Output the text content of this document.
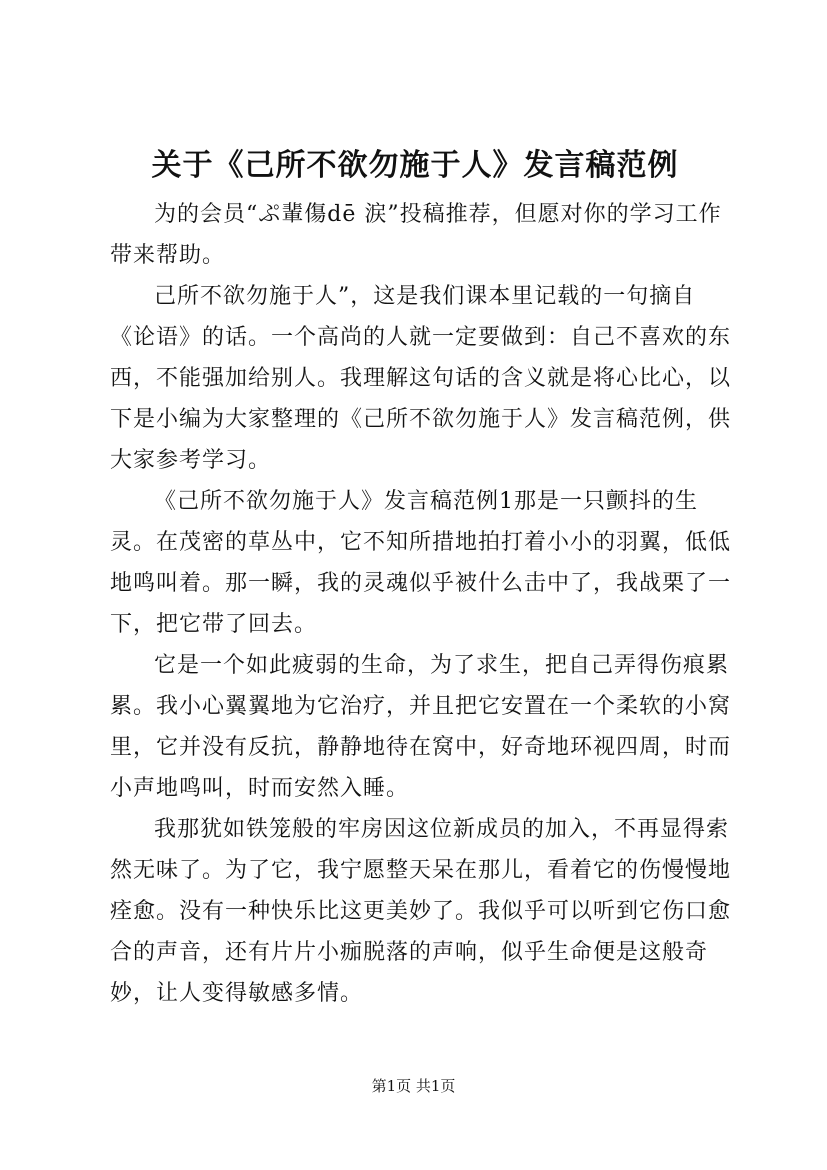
关于《己所不欲勿施于人》发言稿范例

为的会员“ぷ輩傷dē 涙”投稿推荐，但愿对你的学习工作带来帮助。

己所不欲勿施于人”，这是我们课本里记载的一句摘自《论语》的话。一个高尚的人就一定要做到：自己不喜欢的东西，不能强加给别人。我理解这句话的含义就是将心比心，以下是小编为大家整理的《己所不欲勿施于人》发言稿范例，供大家参考学习。

《己所不欲勿施于人》发言稿范例1那是一只颤抖的生灵。在茂密的草丛中，它不知所措地拍打着小小的羽翼，低低地鸣叫着。那一瞬，我的灵魂似乎被什么击中了，我战栗了一下，把它带了回去。

它是一个如此疲弱的生命，为了求生，把自己弄得伤痕累累。我小心翼翼地为它治疗，并且把它安置在一个柔软的小窝里，它并没有反抗，静静地待在窝中，好奇地环视四周，时而小声地鸣叫，时而安然入睡。

我那犹如铁笼般的牢房因这位新成员的加入，不再显得索然无味了。为了它，我宁愿整天呆在那儿，看着它的伤慢慢地痊愈。没有一种快乐比这更美妙了。我似乎可以听到它伤口愈合的声音，还有片片小痂脱落的声响，似乎生命便是这般奇妙，让人变得敏感多情。

第1页 共1页
